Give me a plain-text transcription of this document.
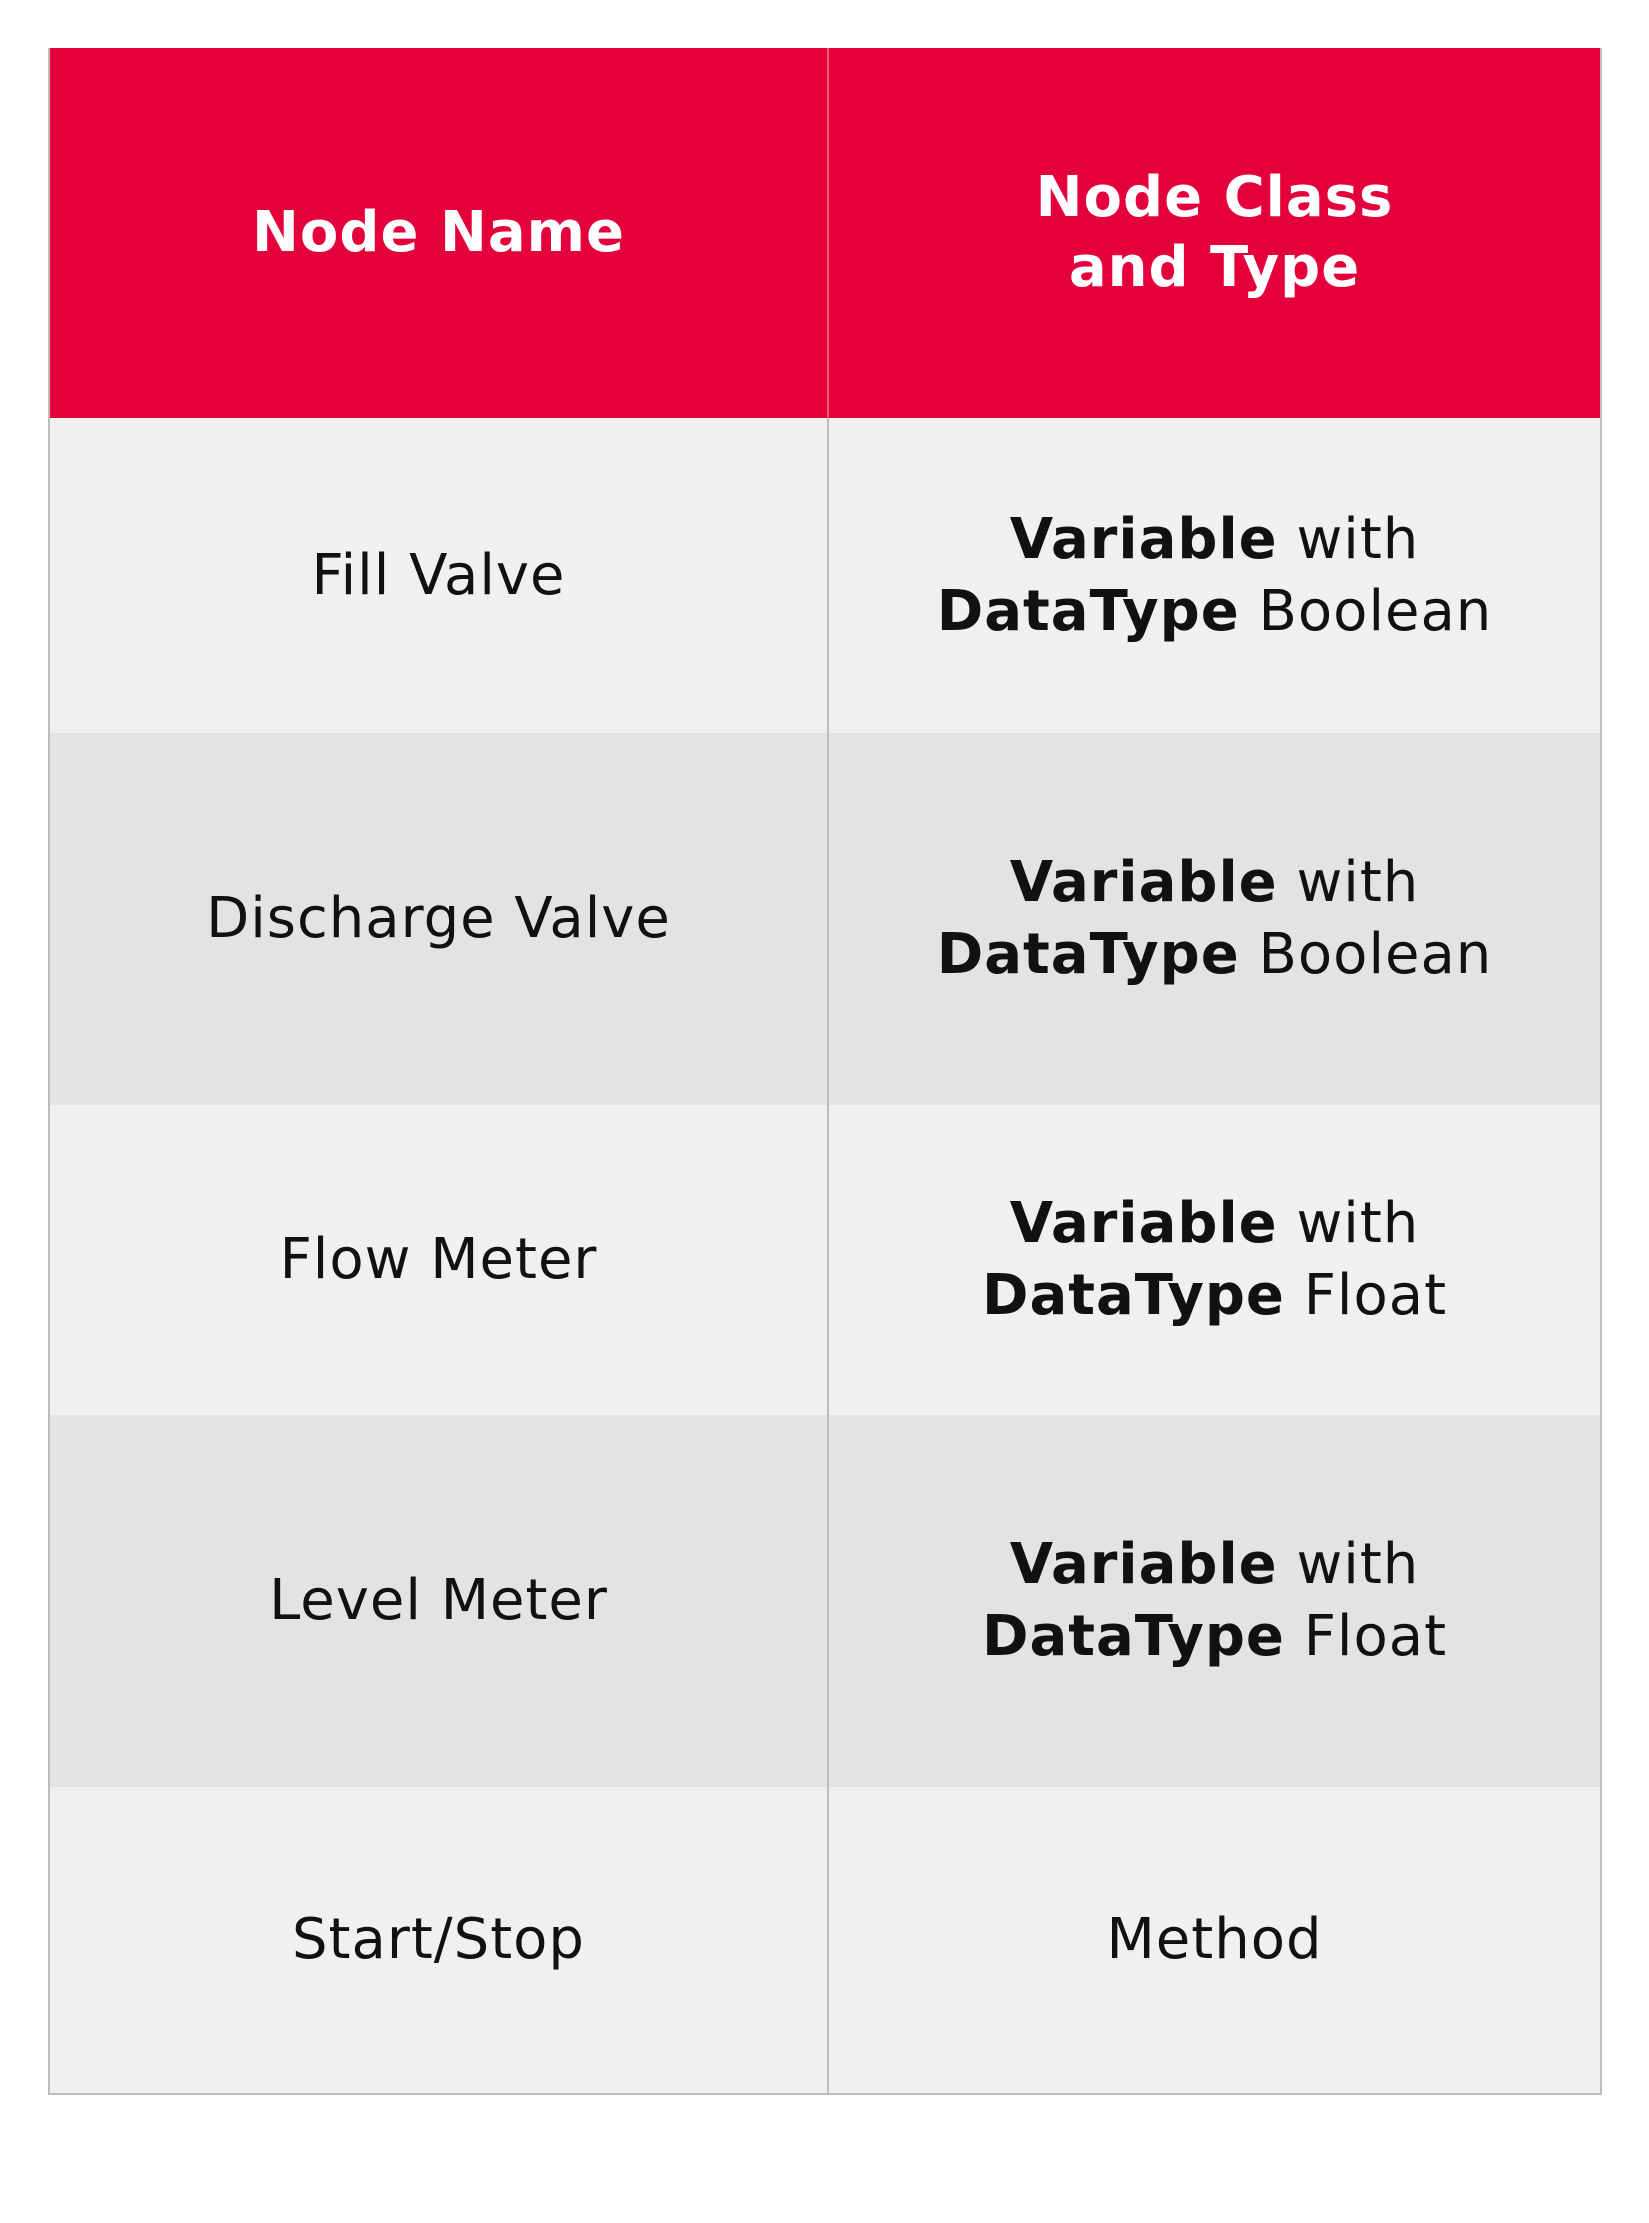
Node Name
Node Class
and Type
Fill Valve
Variable with
DataType Boolean
Discharge Valve
Variable with
DataType Boolean
Flow Meter
Variable with
DataType Float
Level Meter
Variable with
DataType Float
Start/Stop	Method
